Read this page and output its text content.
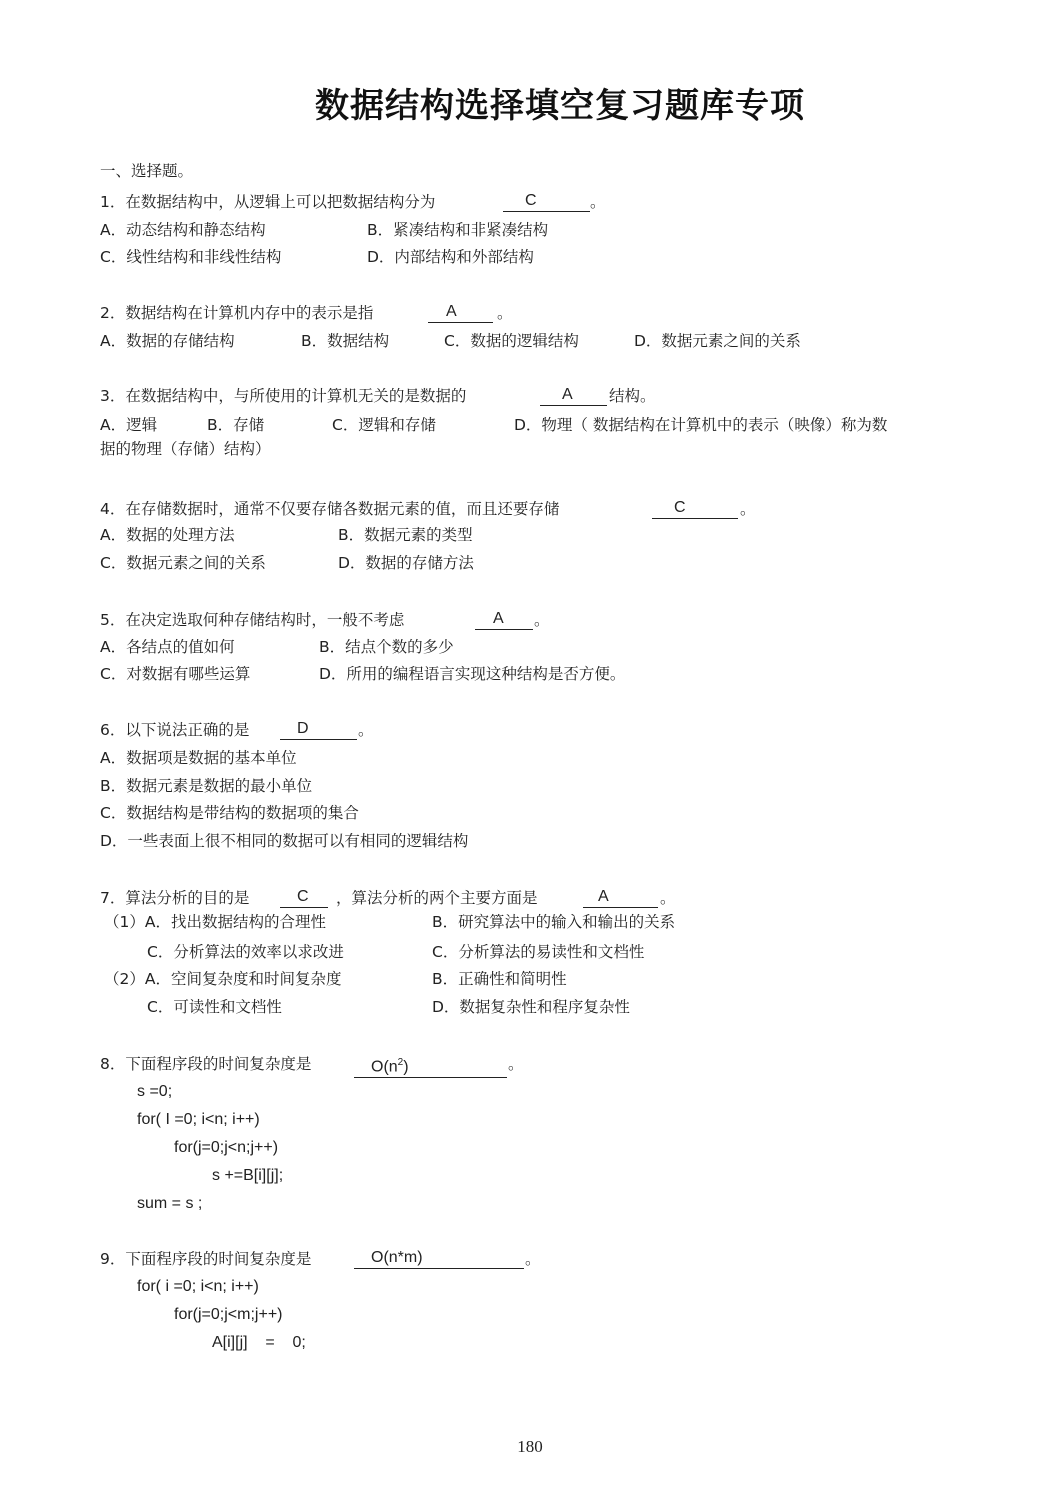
数据结构选择填空复习题库专项
一、选择题。
1．在数据结构中，从逻辑上可以把数据结构分为	C	。
A．动态结构和静态结构	B．紧凑结构和非紧凑结构
C．线性结构和非线性结构	D．内部结构和外部结构
2．数据结构在计算机内存中的表示是指	A	。
A．数据的存储结构	B．数据结构	C．数据的逻辑结构	D．数据元素之间的关系
3．在数据结构中，与所使用的计算机无关的是数据的	A	结构。
A．逻辑	B．存储	C．逻辑和存储	D．物理（ 数据结构在计算机中的表示（映像）称为数
据的物理（存储）结构）
4．在存储数据时，通常不仅要存储各数据元素的值，而且还要存储	C	。
A．数据的处理方法	B．数据元素的类型
C．数据元素之间的关系	D．数据的存储方法
5．在决定选取何种存储结构时，一般不考虑	A	。
A．各结点的值如何	B．结点个数的多少
C．对数据有哪些运算	D．所用的编程语言实现这种结构是否方便。
6．以下说法正确的是	D	。
A．数据项是数据的基本单位
B．数据元素是数据的最小单位
C．数据结构是带结构的数据项的集合
D．一些表面上很不相同的数据可以有相同的逻辑结构
7．算法分析的目的是	C	，算法分析的两个主要方面是	A	。
（1）A．找出数据结构的合理性	B．研究算法中的输入和输出的关系
C．分析算法的效率以求改进	C．分析算法的易读性和文档性
（2）A．空间复杂度和时间复杂度	B．正确性和简明性
C．可读性和文档性	D．数据复杂性和程序复杂性
8．下面程序段的时间复杂度是	$O(n^2)$	。
s =0;
for( I =0; i<n; i++)
for(j=0;j<n;j++)
s +=B[i][j];
sum = s ;
9．下面程序段的时间复杂度是	O(n*m)	。
for( i =0; i<n; i++)
for(j=0;j<m;j++)
A[i][j]    =    0;
180
